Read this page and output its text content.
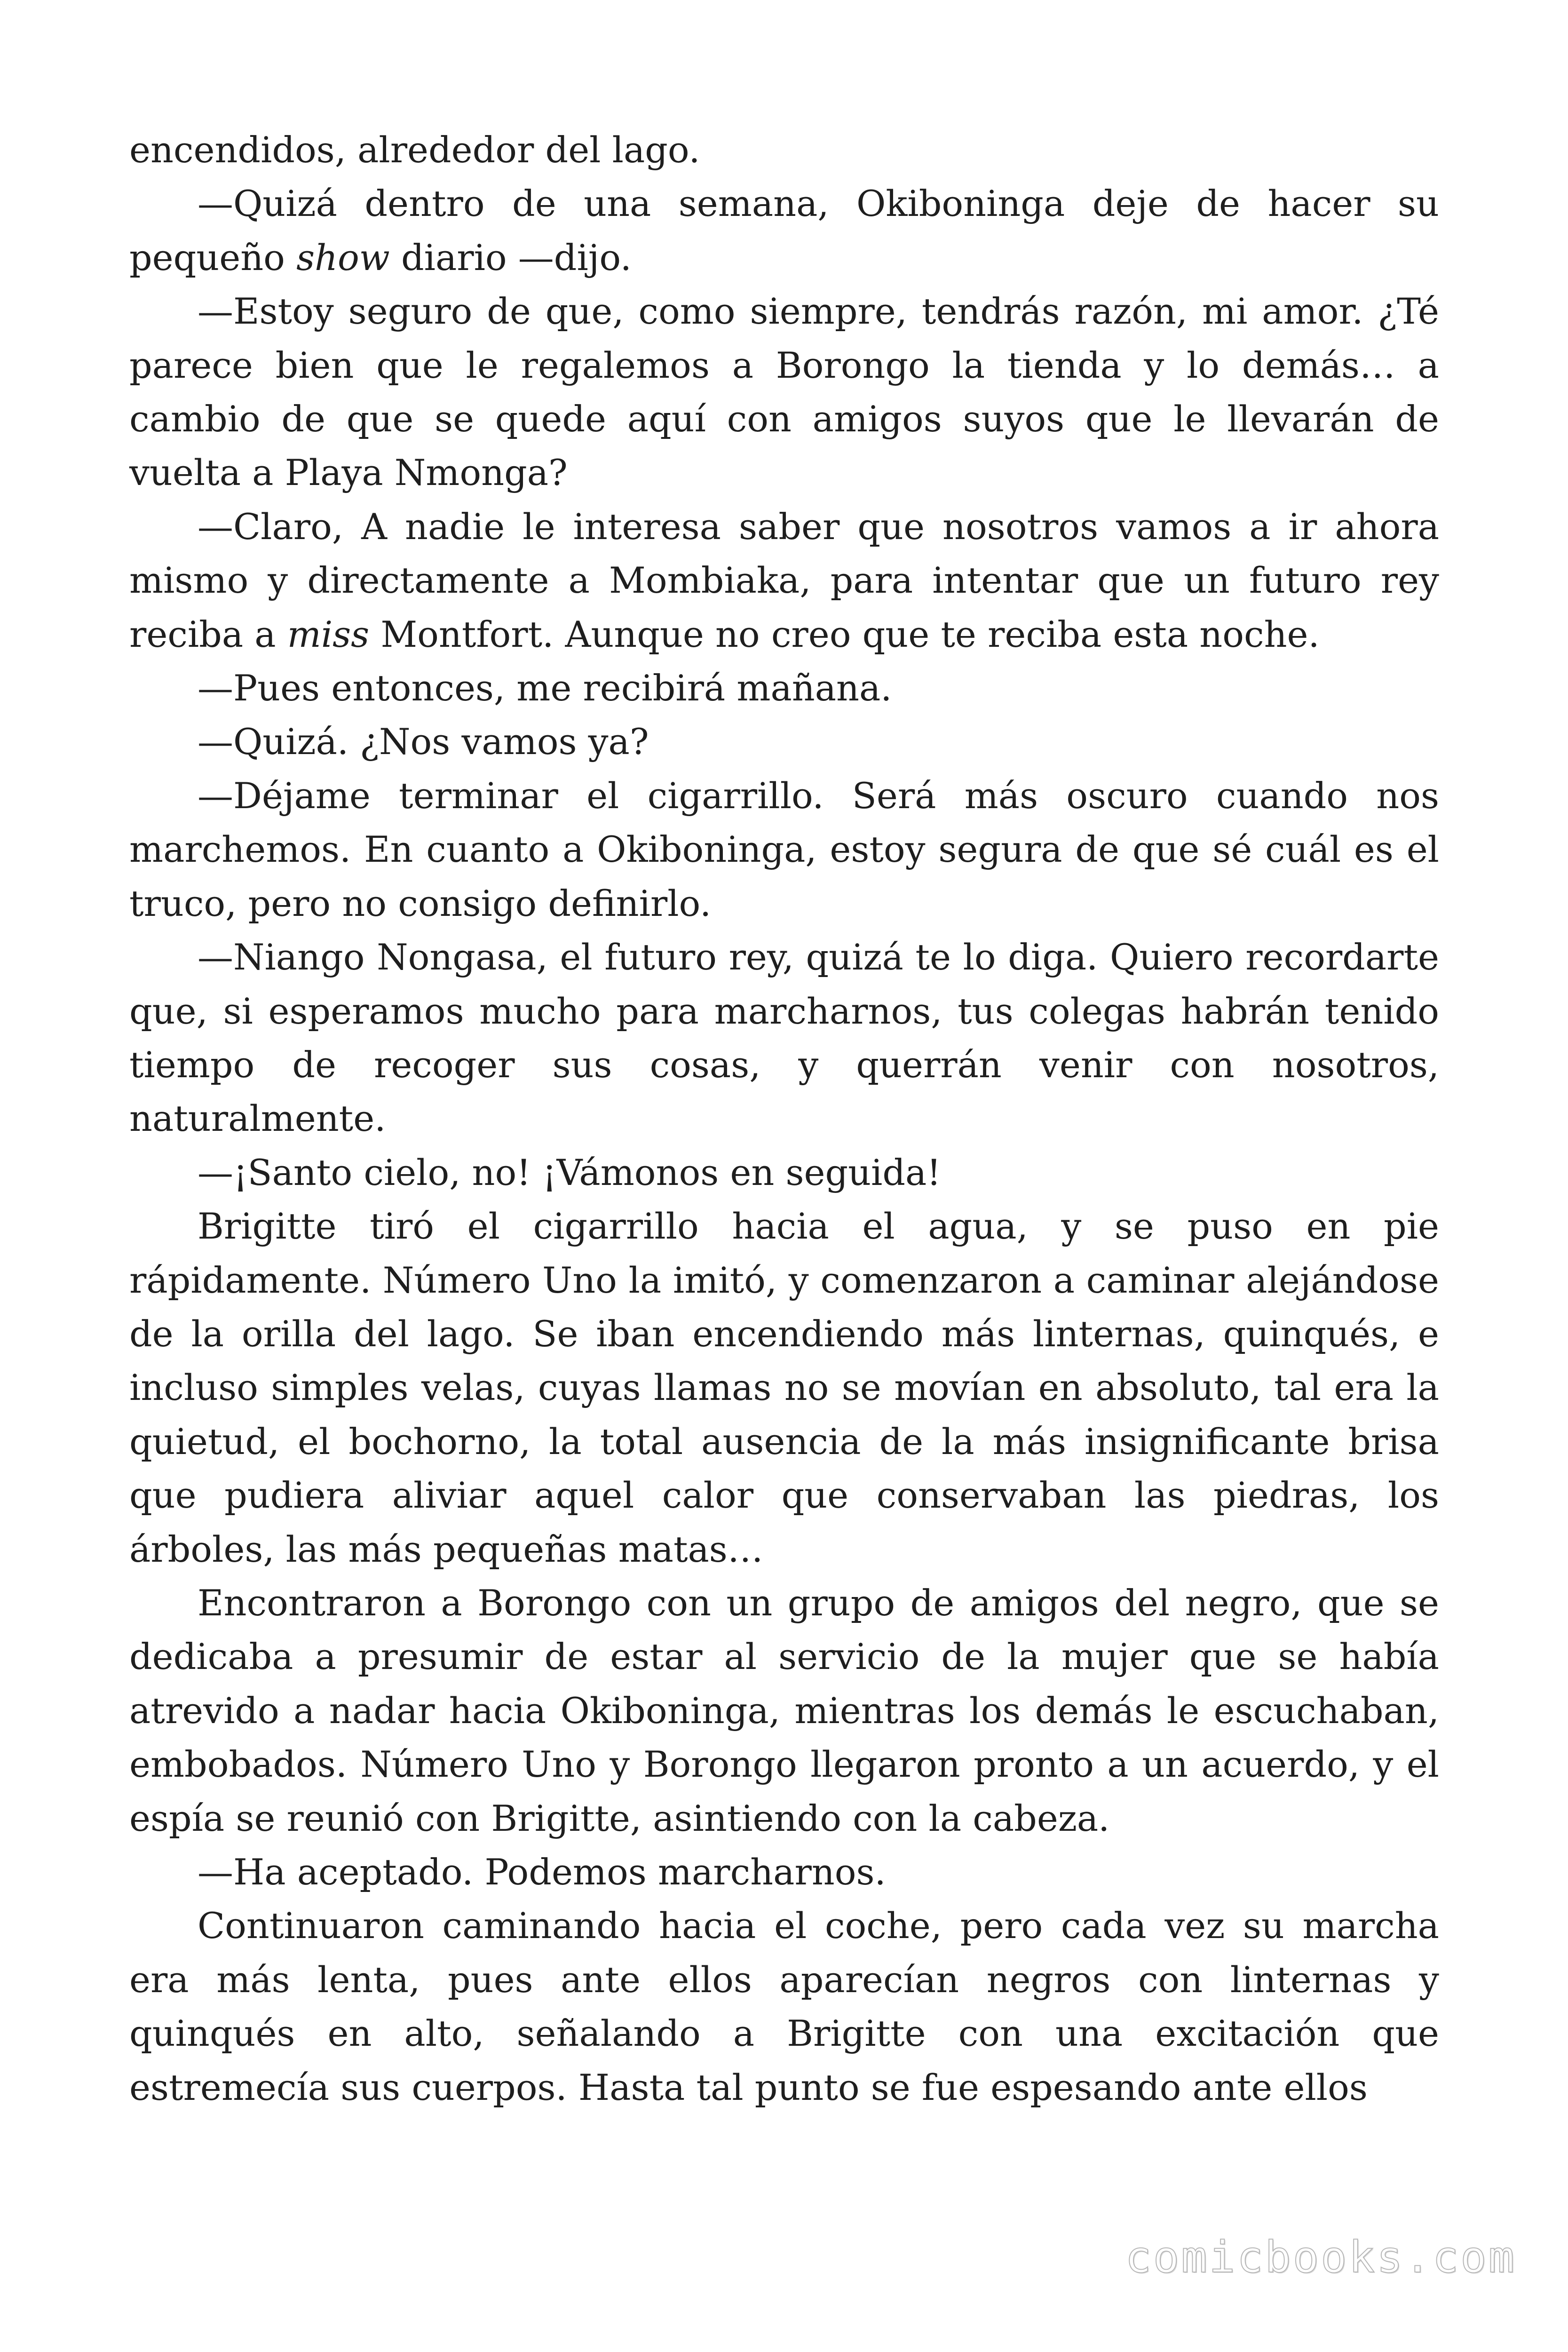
encendidos, alrededor del lago.

—Quizá dentro de una semana, Okiboninga deje de hacer su pequeño show diario —dijo.

—Estoy seguro de que, como siempre, tendrás razón, mi amor. ¿Té parece bien que le regalemos a Borongo la tienda y lo demás… a cambio de que se quede aquí con amigos suyos que le llevarán de vuelta a Playa Nmonga?

—Claro, A nadie le interesa saber que nosotros vamos a ir ahora mismo y directamente a Mombiaka, para intentar que un futuro rey reciba a miss Montfort. Aunque no creo que te reciba esta noche.

—Pues entonces, me recibirá mañana.

—Quizá. ¿Nos vamos ya?

—Déjame terminar el cigarrillo. Será más oscuro cuando nos marchemos. En cuanto a Okiboninga, estoy segura de que sé cuál es el truco, pero no consigo definirlo.

—Niango Nongasa, el futuro rey, quizá te lo diga. Quiero recordarte que, si esperamos mucho para marcharnos, tus colegas habrán tenido tiempo de recoger sus cosas, y querrán venir con nosotros, naturalmente.

—¡Santo cielo, no! ¡Vámonos en seguida!

Brigitte tiró el cigarrillo hacia el agua, y se puso en pie rápidamente. Número Uno la imitó, y comenzaron a caminar alejándose de la orilla del lago. Se iban encendiendo más linternas, quinqués, e incluso simples velas, cuyas llamas no se movían en absoluto, tal era la quietud, el bochorno, la total ausencia de la más insignificante brisa que pudiera aliviar aquel calor que conservaban las piedras, los árboles, las más pequeñas matas…

Encontraron a Borongo con un grupo de amigos del negro, que se dedicaba a presumir de estar al servicio de la mujer que se había atrevido a nadar hacia Okiboninga, mientras los demás le escuchaban, embobados. Número Uno y Borongo llegaron pronto a un acuerdo, y el espía se reunió con Brigitte, asintiendo con la cabeza.

—Ha aceptado. Podemos marcharnos.

Continuaron caminando hacia el coche, pero cada vez su marcha era más lenta, pues ante ellos aparecían negros con linternas y quinqués en alto, señalando a Brigitte con una excitación que estremecía sus cuerpos. Hasta tal punto se fue espesando ante ellos

comicbooks.com
